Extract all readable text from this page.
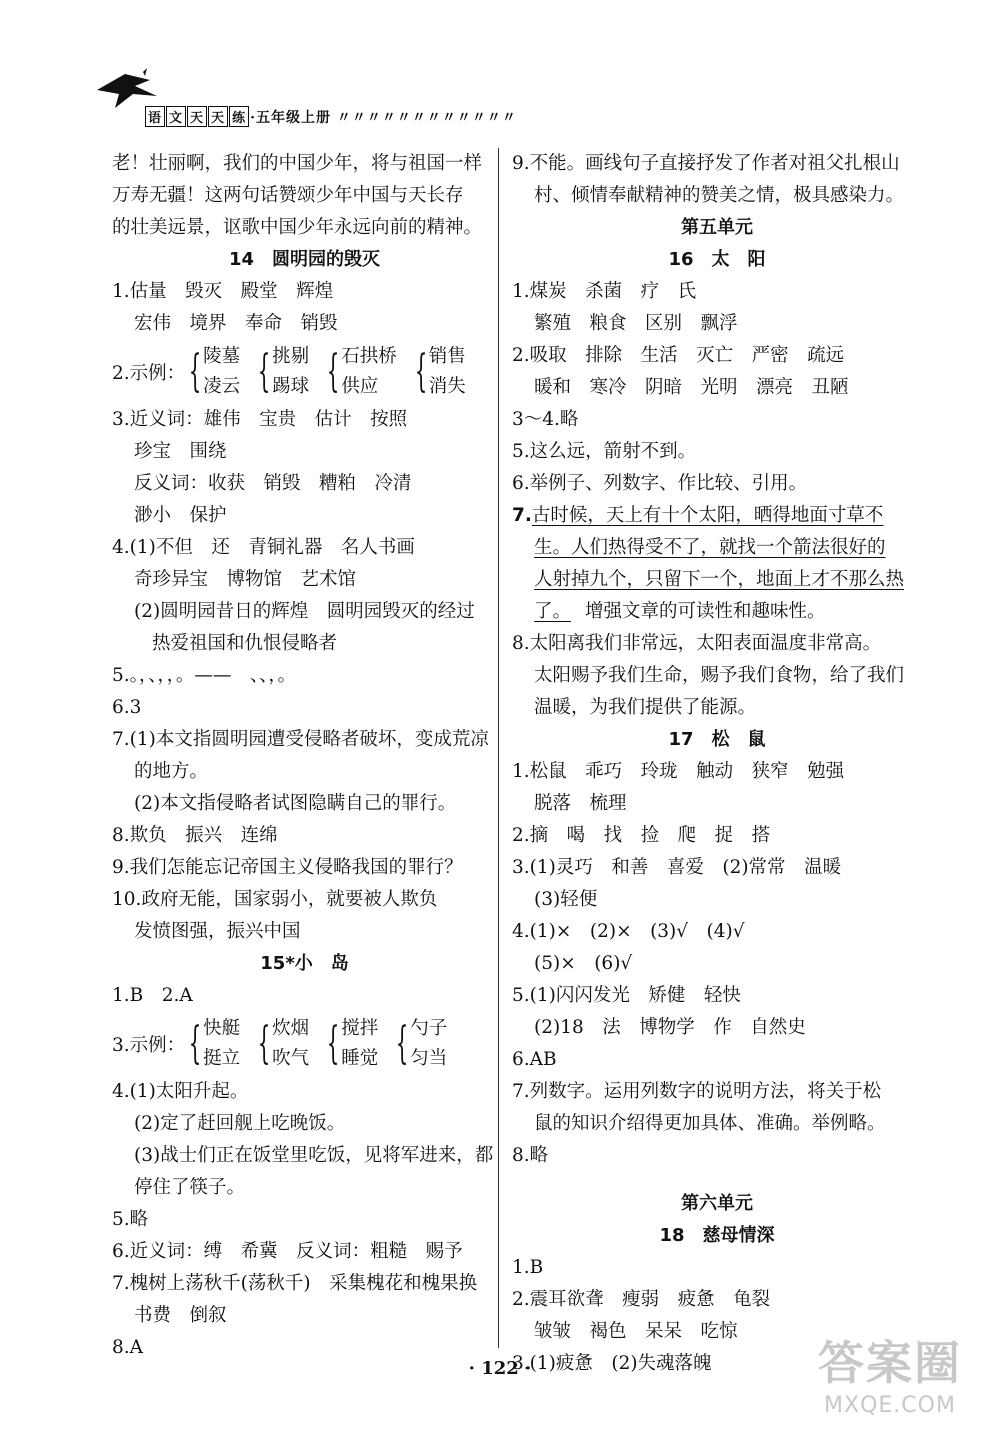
语 文 天 天 练 ·五年级上册 〃〃〃〃〃〃〃〃〃〃〃〃
老！壮丽啊，我们的中国少年，将与祖国一样
万寿无疆！这两句话赞颂少年中国与天长存
的壮美远景，讴歌中国少年永远向前的精神。
14　圆明园的毁灭
1.估量　毁灭　殿堂　辉煌
宏伟　境界　奉命　销毁
2.示例： { 陵墓
凌云 { 挑剔
踢球 { 石拱桥
供应 { 销售
消失
3.近义词：雄伟　宝贵　估计　按照
珍宝　围绕
反义词：收获　销毁　糟粕　冷清
渺小　保护
4.(1)不但　还　青铜礼器　名人书画
奇珍异宝　博物馆　艺术馆
(2)圆明园昔日的辉煌　圆明园毁灭的经过
热爱祖国和仇恨侵略者
5.。，、，，。——　、、，。
6.3
7.(1)本文指圆明园遭受侵略者破坏，变成荒凉
的地方。
(2)本文指侵略者试图隐瞒自己的罪行。
8.欺负　振兴　连绵
9.我们怎能忘记帝国主义侵略我国的罪行？
10.政府无能，国家弱小，就要被人欺负
发愤图强，振兴中国
15*小　岛
1.B　2.A
3.示例： { 快艇
挺立 { 炊烟
吹气 { 搅拌
睡觉 { 勺子
匀当
4.(1)太阳升起。
(2)定了赶回舰上吃晚饭。
(3)战士们正在饭堂里吃饭，见将军进来，都
停住了筷子。
5.略
6.近义词：缚　希冀　反义词：粗糙　赐予
7.槐树上荡秋千(荡秋千)　采集槐花和槐果换
书费　倒叙
8.A
9.不能。画线句子直接抒发了作者对祖父扎根山
村、倾情奉献精神的赞美之情，极具感染力。
第五单元
16　太　阳
1.煤炭　杀菌　疗　氏
繁殖　粮食　区别　飘浮
2.吸取　排除　生活　灭亡　严密　疏远
暖和　寒冷　阴暗　光明　漂亮　丑陋
3～4.略
5.这么远，箭射不到。
6.举例子、列数字、作比较、引用。
7.古时候，天上有十个太阳，晒得地面寸草不
生。人们热得受不了，就找一个箭法很好的
人射掉九个，只留下一个，地面上才不那么热
了。 增强文章的可读性和趣味性。
8.太阳离我们非常远，太阳表面温度非常高。
太阳赐予我们生命，赐予我们食物，给了我们
温暖，为我们提供了能源。
17　松　鼠
1.松鼠　乖巧　玲珑　触动　狭窄　勉强
脱落　梳理
2.摘　喝　找　捡　爬　捉　搭
3.(1)灵巧　和善　喜爱　(2)常常　温暖
(3)轻便
4.(1)×　(2)×　(3)√　(4)√
(5)×　(6)√
5.(1)闪闪发光　矫健　轻快
(2)18　法　博物学　作　自然史
6.AB
7.列数字。运用列数字的说明方法，将关于松
鼠的知识介绍得更加具体、准确。举例略。
8.略
第六单元
18　慈母情深
1.B
2.震耳欲聋　瘦弱　疲惫　龟裂
皱皱　褐色　呆呆　吃惊
3.(1)疲惫　(2)失魂落魄
· 122 ·	答案圈
MXQE.COM
